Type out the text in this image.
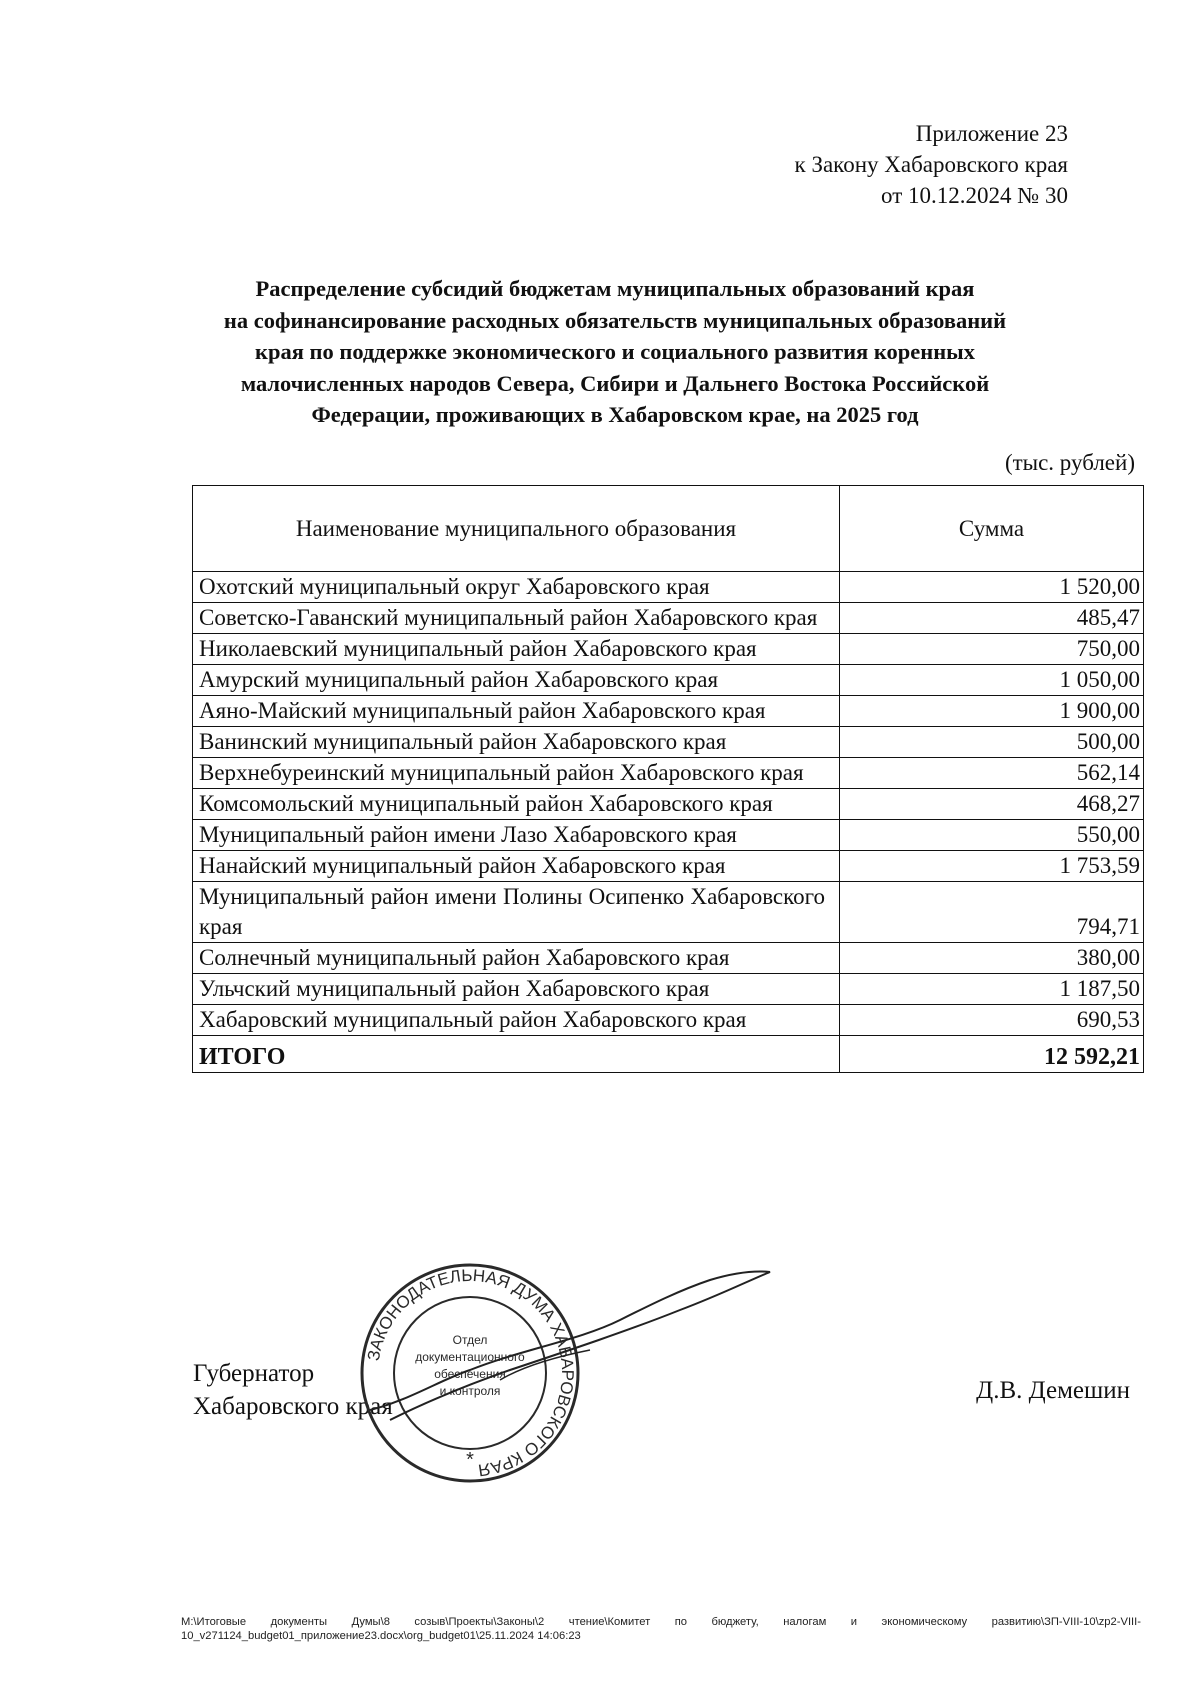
Приложение 23
к Закону Хабаровского края
от 10.12.2024 № 30
Распределение субсидий бюджетам муниципальных образований края
на софинансирование расходных обязательств муниципальных образований
края по поддержке экономического и социального развития коренных
малочисленных народов Севера, Сибири и Дальнего Востока Российской
Федерации, проживающих в Хабаровском крае, на 2025 год
(тыс. рублей)
Наименование муниципального образования	Сумма
Охотский муниципальный округ Хабаровского края	1 520,00
Советско-Гаванский муниципальный район Хабаровского края	485,47
Николаевский муниципальный район Хабаровского края	750,00
Амурский муниципальный район Хабаровского края	1 050,00
Аяно-Майский муниципальный район Хабаровского края	1 900,00
Ванинский муниципальный район Хабаровского края	500,00
Верхнебуреинский муниципальный район Хабаровского края	562,14
Комсомольский муниципальный район Хабаровского края	468,27
Муниципальный район имени Лазо Хабаровского края	550,00
Нанайский муниципальный район Хабаровского края	1 753,59
Муниципальный район имени Полины Осипенко Хабаровского края	794,71
Солнечный муниципальный район Хабаровского края	380,00
Ульчский муниципальный район Хабаровского края	1 187,50
Хабаровский муниципальный район Хабаровского края	690,53
ИТОГО	12 592,21
Губернатор
Хабаровского края
ЗАКОНОДАТЕЛЬНАЯ ДУМА ХАБАРОВСКОГО КРАЯ
Отдел
документационного
обеспечения
и контроля
*
Д.В. Демешин
M:\Итоговые документы Думы\8 созыв\Проекты\Законы\2 чтение\Комитет по бюджету, налогам и экономическому развитию\ЗП-VIII-10\zp2-VIII-10_v271124_budget01_приложение23.docx\org_budget01\25.11.2024 14:06:23
